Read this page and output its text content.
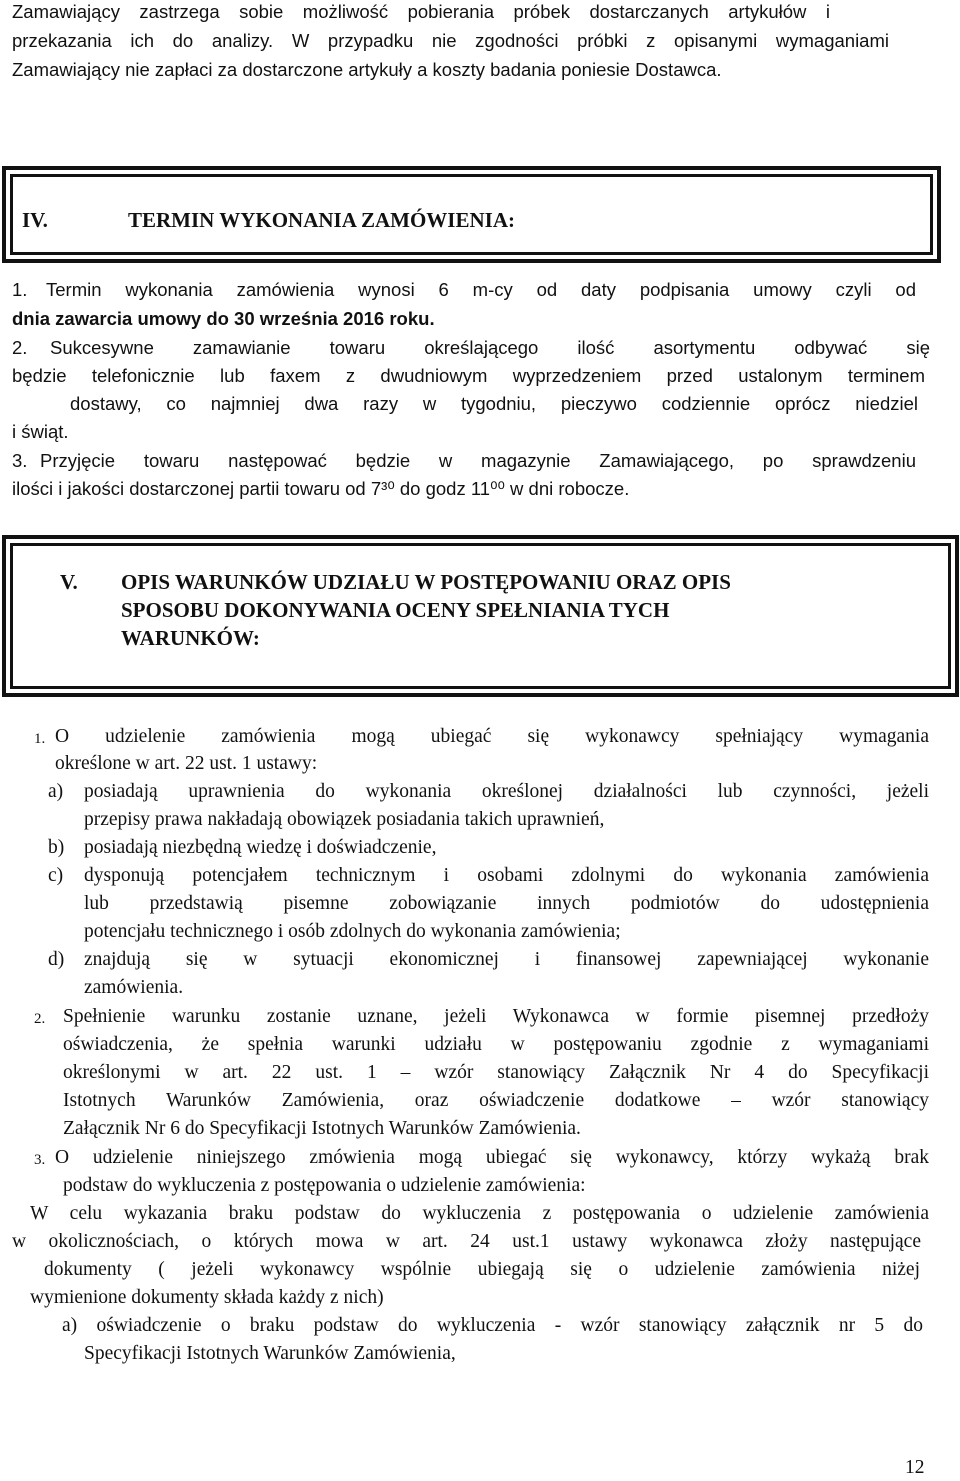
Zamawiający zastrzega sobie możliwość pobierania próbek dostarczanych artykułów i
przekazania ich do analizy. W przypadku nie zgodności próbki z opisanymi wymaganiami
Zamawiający nie zapłaci za dostarczone artykuły a koszty badania poniesie Dostawca.
IV.	TERMIN WYKONANIA ZAMÓWIENIA:
1. Termin wykonania zamówienia wynosi 6 m-cy od daty podpisania umowy czyli od
dnia zawarcia umowy do 30 września 2016 roku.
2. Sukcesywne zamawianie towaru określającego ilość asortymentu odbywać się
będzie telefonicznie lub faxem z dwudniowym wyprzedzeniem przed ustalonym terminem
dostawy, co najmniej dwa razy w tygodniu, pieczywo codziennie oprócz niedziel
i świąt.
3. Przyjęcie towaru następować będzie w magazynie Zamawiającego, po sprawdzeniu
ilości i jakości dostarczonej partii towaru od 7³⁰ do godz 11⁰⁰ w dni robocze.
V. OPIS WARUNKÓW UDZIAŁU W POSTĘPOWANIU ORAZ OPIS
SPOSOBU DOKONYWANIA OCENY SPEŁNIANIA TYCH
WARUNKÓW:
1. O udzielenie zamówienia mogą ubiegać się wykonawcy spełniający wymagania
określone w art. 22 ust. 1 ustawy:
a) posiadają uprawnienia do wykonania określonej działalności lub czynności, jeżeli
przepisy prawa nakładają obowiązek posiadania takich uprawnień,
b) posiadają niezbędną wiedzę i doświadczenie,
c) dysponują potencjałem technicznym i osobami zdolnymi do wykonania zamówienia
lub przedstawią pisemne zobowiązanie innych podmiotów do udostępnienia
potencjału technicznego i osób zdolnych do wykonania zamówienia;
d) znajdują się w sytuacji ekonomicznej i finansowej zapewniającej wykonanie
zamówienia.
2. Spełnienie warunku zostanie uznane, jeżeli Wykonawca w formie pisemnej przedłoży
oświadczenia, że spełnia warunki udziału w postępowaniu zgodnie z wymaganiami
określonymi w art. 22 ust. 1 – wzór stanowiący Załącznik Nr 4 do Specyfikacji
Istotnych Warunków Zamówienia, oraz oświadczenie dodatkowe – wzór stanowiący
Załącznik Nr 6 do Specyfikacji Istotnych Warunków Zamówienia.
3. O udzielenie niniejszego zmówienia mogą ubiegać się wykonawcy, którzy wykażą brak
podstaw do wykluczenia z postępowania o udzielenie zamówienia:
W celu wykazania braku podstaw do wykluczenia z postępowania o udzielenie zamówienia
w okolicznościach, o których mowa w art. 24 ust.1 ustawy wykonawca złoży następujące
dokumenty ( jeżeli wykonawcy wspólnie ubiegają się o udzielenie zamówienia niżej
wymienione dokumenty składa każdy z nich)
a) oświadczenie o braku podstaw do wykluczenia - wzór stanowiący załącznik nr 5 do
Specyfikacji Istotnych Warunków Zamówienia,
12
